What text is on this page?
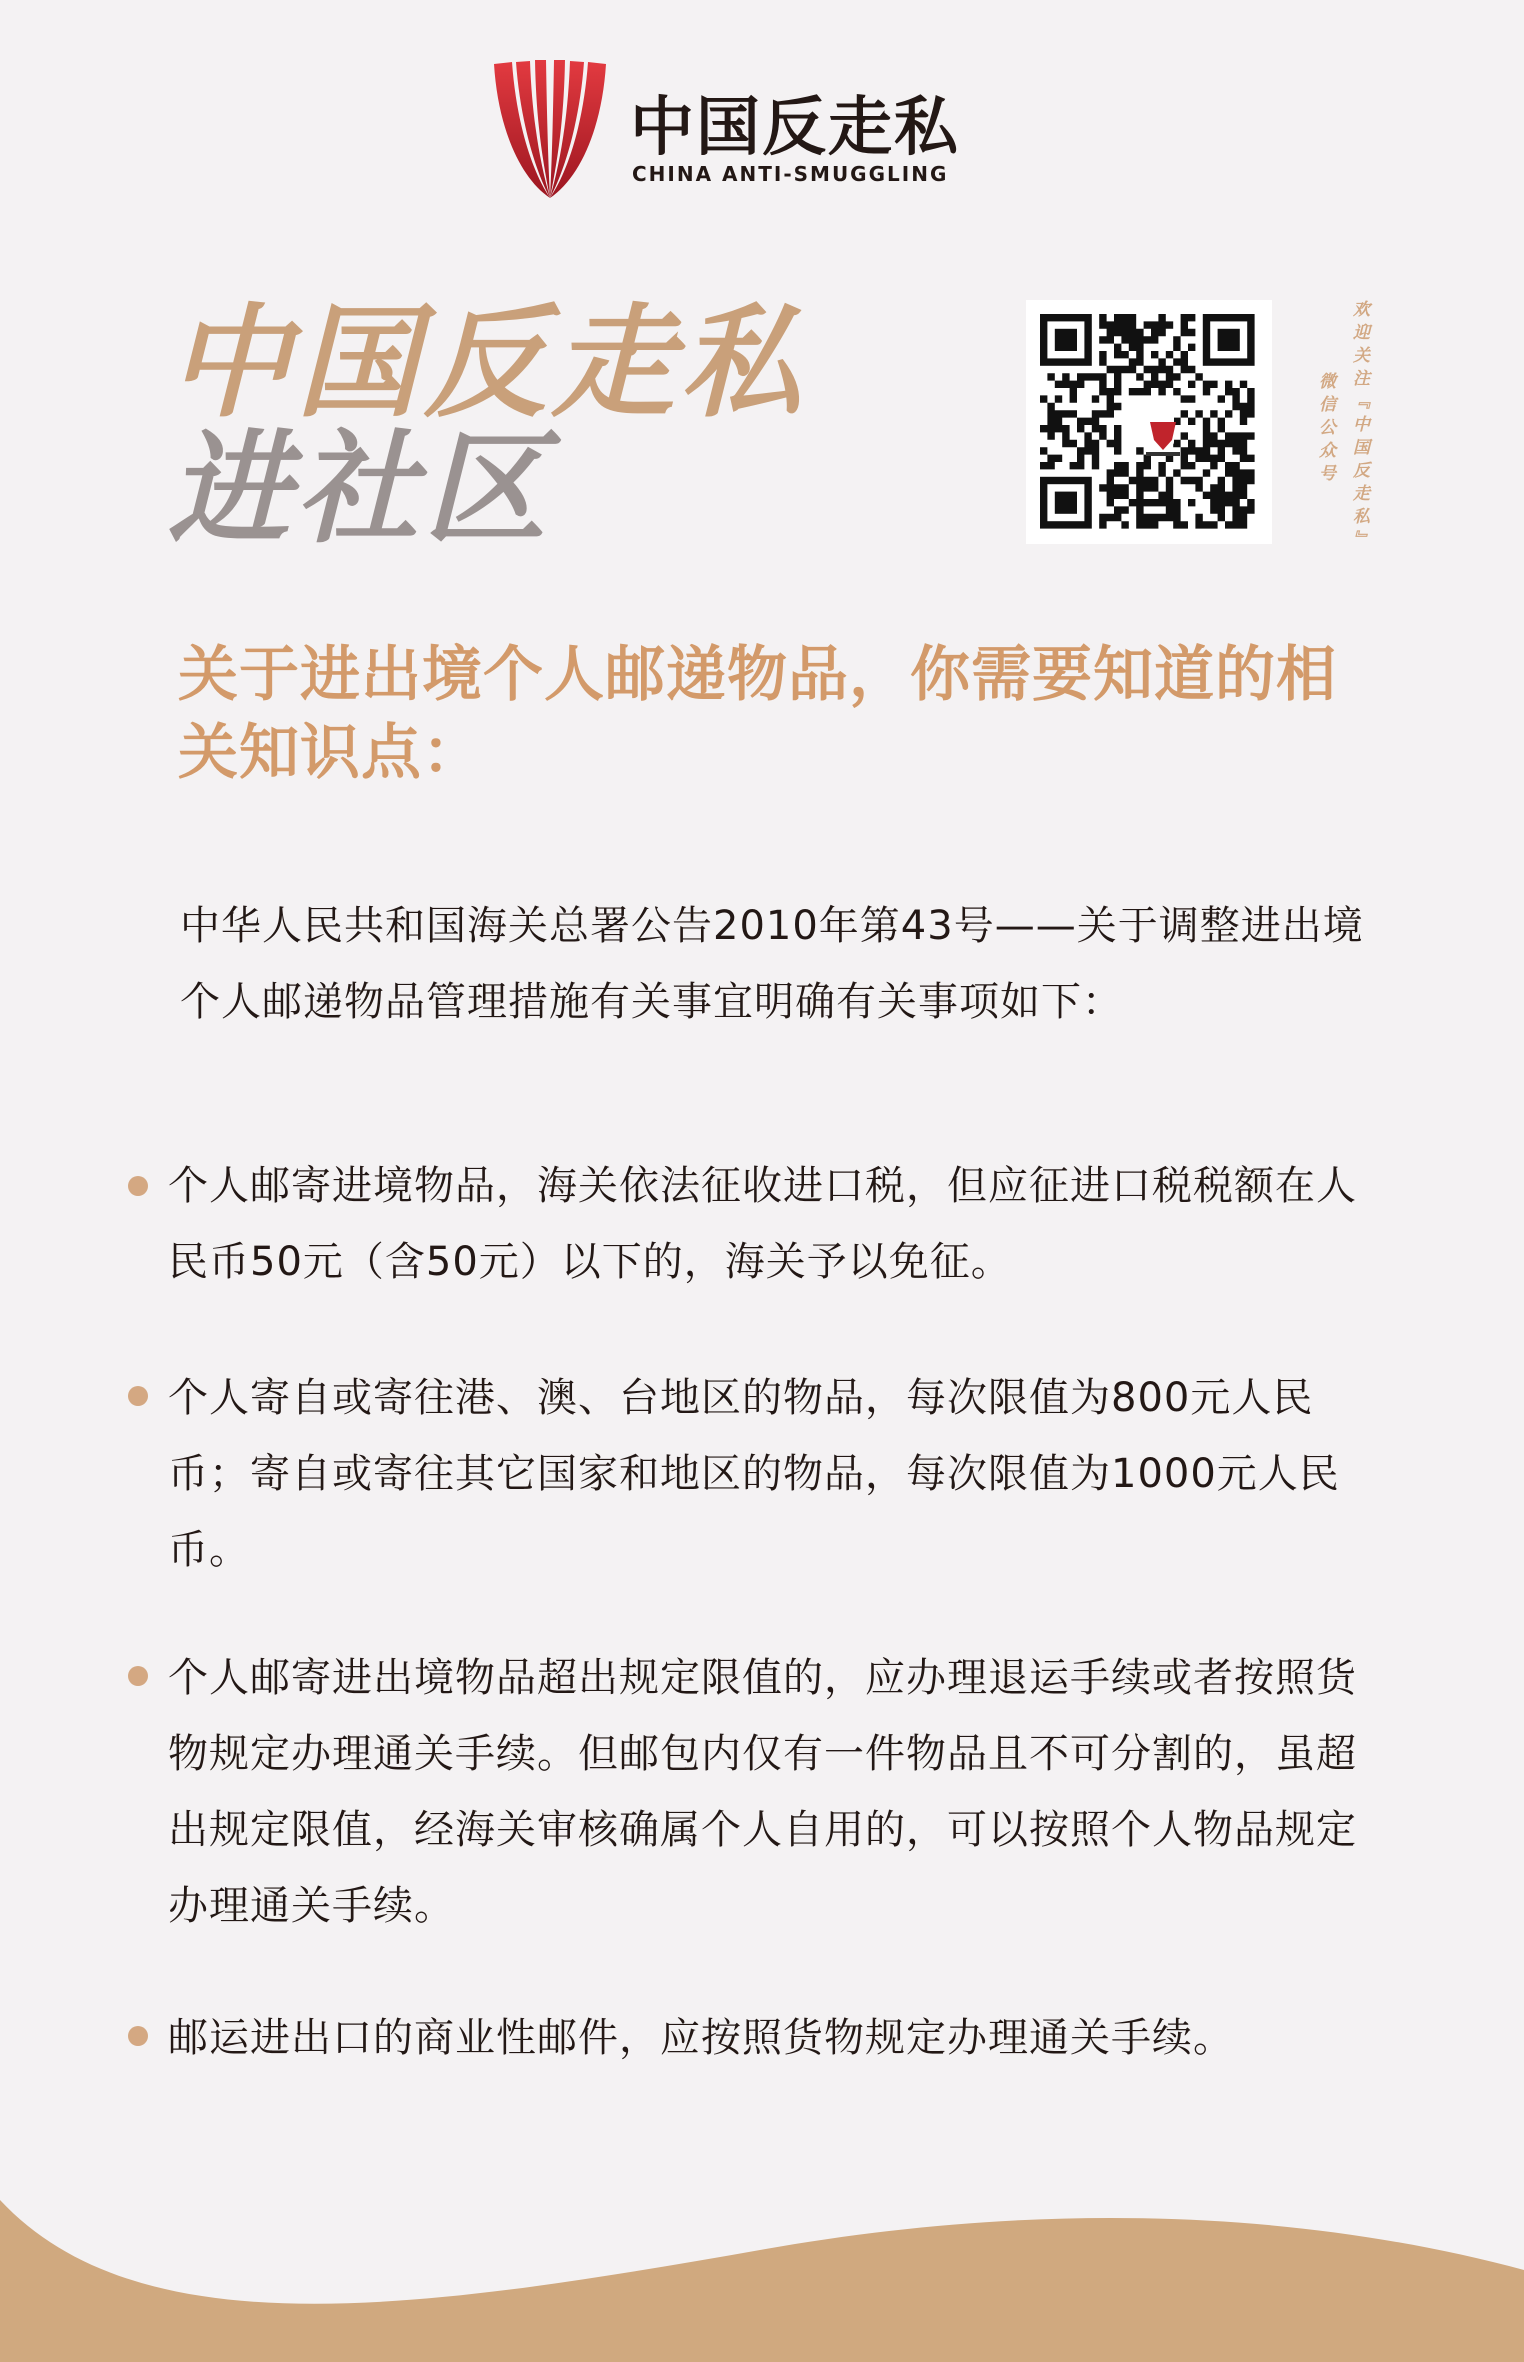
中国反走私
CHINA ANTI-SMUGGLING
中国反走私
进社区	欢迎关注『中国反走私』
微信公众号
关于进出境个人邮递物品，你需要知道的相关知识点：
中华人民共和国海关总署公告2010年第43号——关于调整进出境个人邮递物品管理措施有关事宜明确有关事项如下：
个人邮寄进境物品，海关依法征收进口税，但应征进口税税额在人民币50元（含50元）以下的，海关予以免征。
个人寄自或寄往港、澳、台地区的物品，每次限值为800元人民币；寄自或寄往其它国家和地区的物品，每次限值为1000元人民币。
个人邮寄进出境物品超出规定限值的，应办理退运手续或者按照货物规定办理通关手续。但邮包内仅有一件物品且不可分割的，虽超出规定限值，经海关审核确属个人自用的，可以按照个人物品规定办理通关手续。
邮运进出口的商业性邮件，应按照货物规定办理通关手续。
